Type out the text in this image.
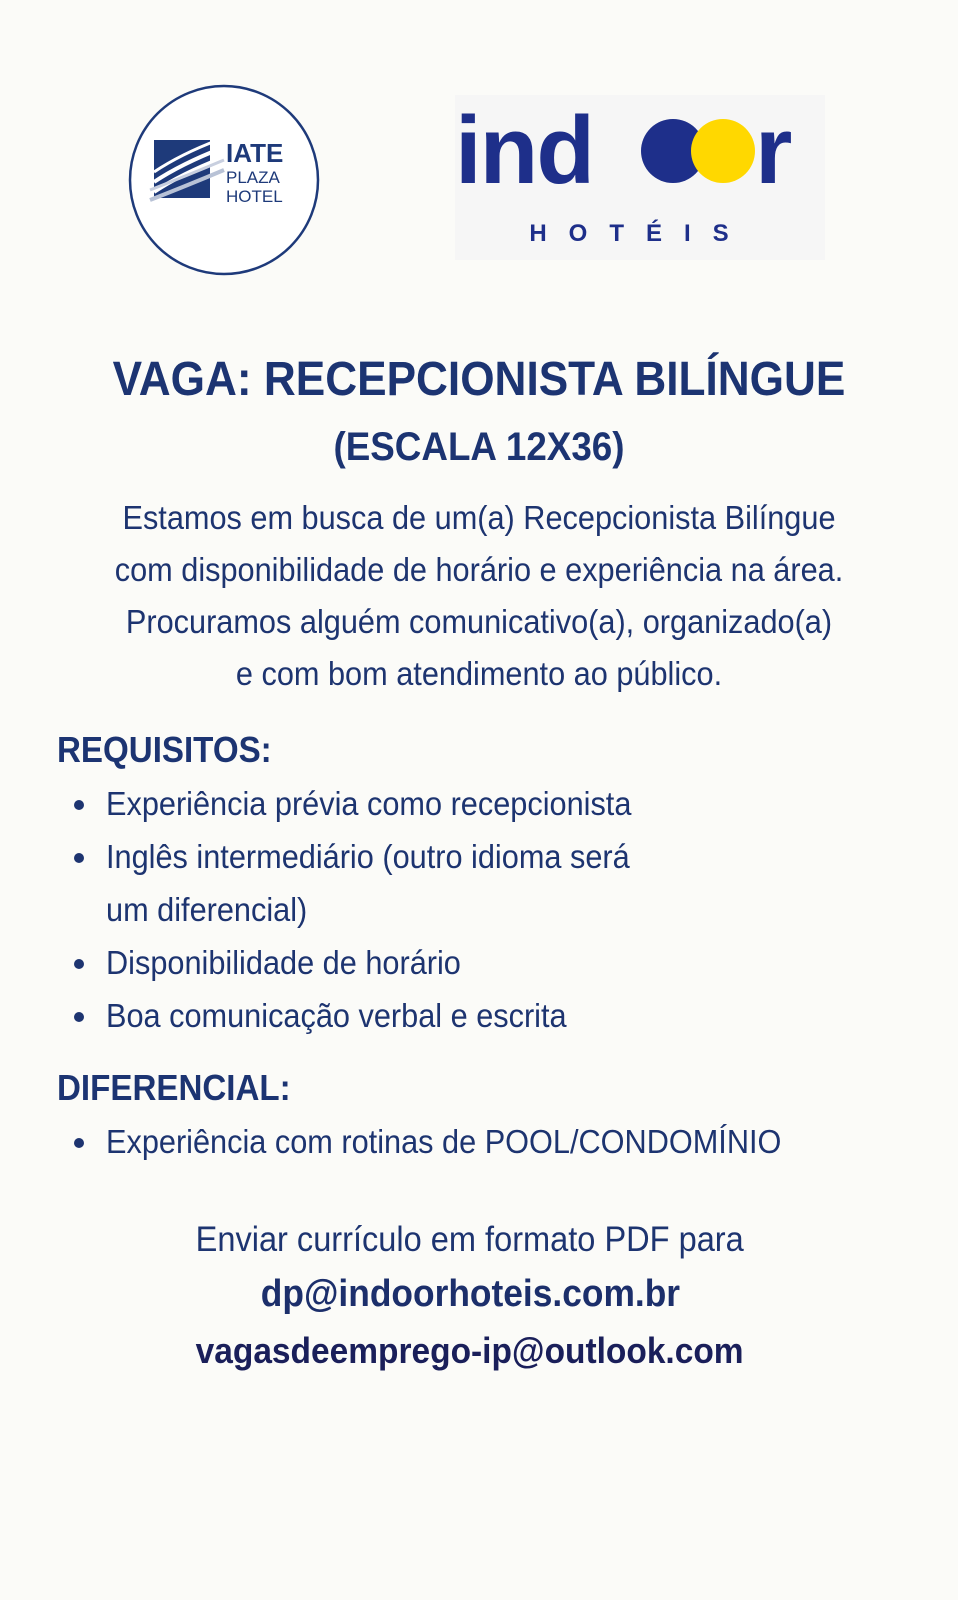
IATE
PLAZA
HOTEL ind r
HOTÉIS
VAGA: RECEPCIONISTA BILÍNGUE
(ESCALA 12X36)
Estamos em busca de um(a) Recepcionista Bilíngue
com disponibilidade de horário e experiência na área.
Procuramos alguém comunicativo(a), organizado(a)
e com bom atendimento ao público.
REQUISITOS:
Experiência prévia como recepcionista
Inglês intermediário (outro idioma será
um diferencial)
Disponibilidade de horário
Boa comunicação verbal e escrita
DIFERENCIAL:
Experiência com rotinas de POOL/CONDOMÍNIO
Enviar currículo em formato PDF para
dp@indoorhoteis.com.br
vagasdeemprego-ip@outlook.com
